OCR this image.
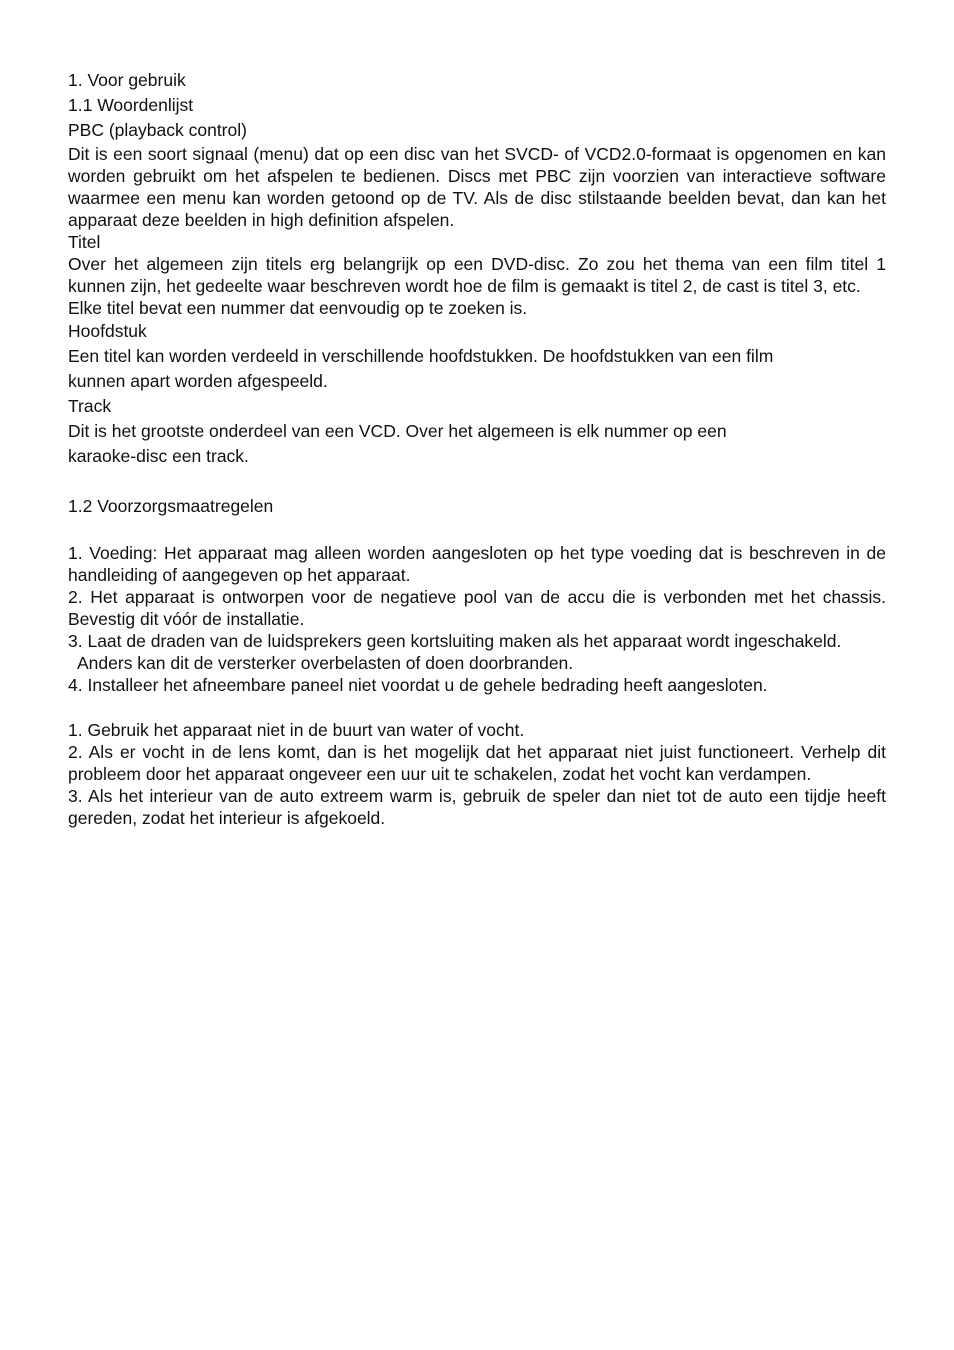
1. Voor gebruik

1.1 Woordenlijst

PBC (playback control)

Dit is een soort signaal (menu) dat op een disc van het SVCD- of VCD2.0-formaat is opgenomen en kan worden gebruikt om het afspelen te bedienen. Discs met PBC zijn voorzien van interactieve software waarmee een menu kan worden getoond op de TV. Als de disc stilstaande beelden bevat, dan kan het apparaat deze beelden in high definition afspelen.

Titel

Over het algemeen zijn titels erg belangrijk op een DVD-disc. Zo zou het thema van een film titel 1 kunnen zijn, het gedeelte waar beschreven wordt hoe de film is gemaakt is titel 2, de cast is titel 3, etc.

Elke titel bevat een nummer dat eenvoudig op te zoeken is.

Hoofdstuk

Een titel kan worden verdeeld in verschillende hoofdstukken. De hoofdstukken van een film

kunnen apart worden afgespeeld.

Track

Dit is het grootste onderdeel van een VCD. Over het algemeen is elk nummer op een

karaoke-disc een track.

1.2 Voorzorgsmaatregelen

1. Voeding: Het apparaat mag alleen worden aangesloten op het type voeding dat is beschreven in de handleiding of aangegeven op het apparaat.

2. Het apparaat is ontworpen voor de negatieve pool van de accu die is verbonden met het chassis. Bevestig dit vóór de installatie.

3. Laat de draden van de luidsprekers geen kortsluiting maken als het apparaat wordt ingeschakeld.

Anders kan dit de versterker overbelasten of doen doorbranden.

4. Installeer het afneembare paneel niet voordat u de gehele bedrading heeft aangesloten.

1. Gebruik het apparaat niet in de buurt van water of vocht.

2. Als er vocht in de lens komt, dan is het mogelijk dat het apparaat niet juist functioneert. Verhelp dit probleem door het apparaat ongeveer een uur uit te schakelen, zodat het vocht kan verdampen.

3. Als het interieur van de auto extreem warm is, gebruik de speler dan niet tot de auto een tijdje heeft gereden, zodat het interieur is afgekoeld.
